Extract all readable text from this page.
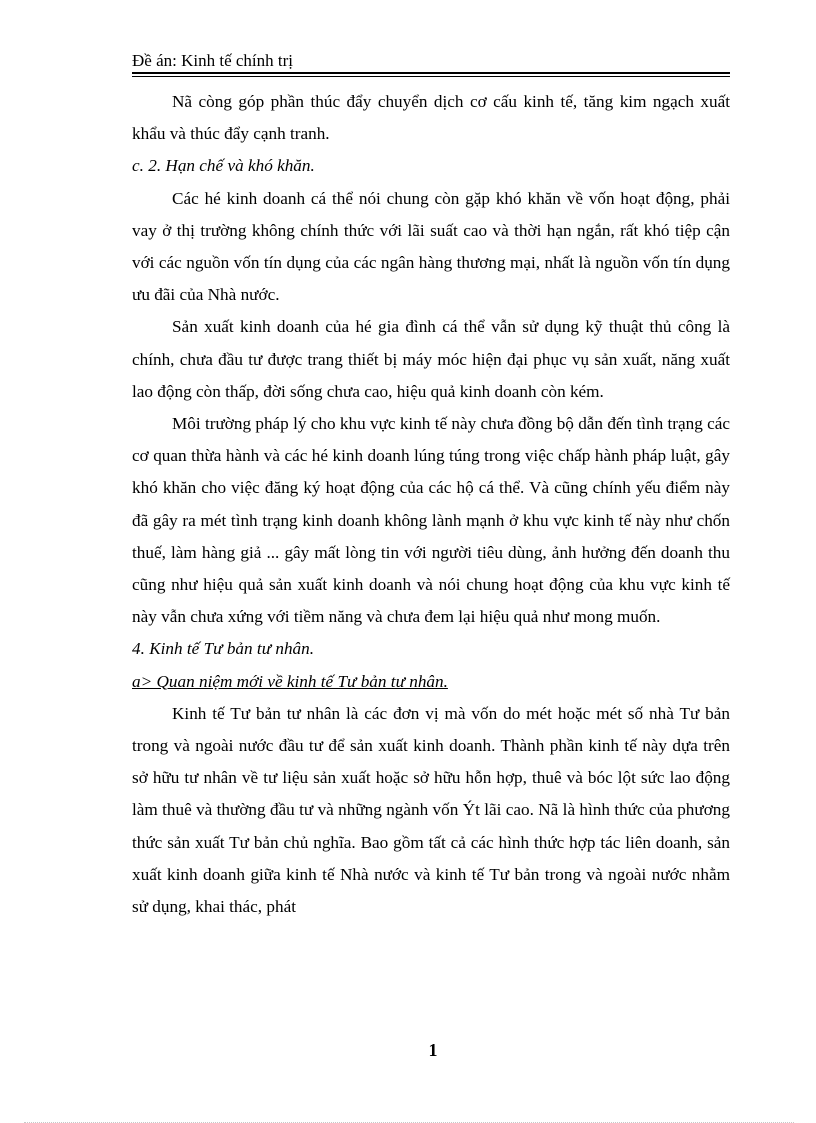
Đề án: Kinh tế chính trị

Nã còng góp phần thúc đẩy chuyển dịch cơ cấu kinh tế, tăng kim ngạch xuất khẩu và thúc đẩy cạnh tranh.

c. 2. Hạn chế và khó khăn.

Các hé kinh doanh cá thể nói chung còn gặp khó khăn về vốn hoạt động, phải vay ở thị trường không chính thức với lãi suất cao và thời hạn ngắn, rất khó tiệp cận với các nguồn vốn tín dụng của các ngân hàng thương mại, nhất là nguồn vốn tín dụng ưu đãi của Nhà nước.

Sản xuất kinh doanh của hé gia đình cá thể vẫn sử dụng kỹ thuật thủ công là chính, chưa đầu tư được trang thiết bị máy móc hiện đại phục vụ sản xuất, năng xuất lao động còn thấp, đời sống chưa cao, hiệu quả kinh doanh còn kém.

Môi trường pháp lý cho khu vực kinh tế này chưa đồng bộ dẫn đến tình trạng các cơ quan thừa hành và các hé kinh doanh lúng túng trong việc chấp hành pháp luật, gây khó khăn cho việc đăng ký hoạt động của các hộ cá thể. Và cũng chính yếu điểm này đã gây ra mét tình trạng kinh doanh không lành mạnh ở khu vực kinh tế này như chốn thuế, làm hàng giả ... gây mất lòng tin với người tiêu dùng, ảnh hưởng đến doanh thu cũng như hiệu quả sản xuất kinh doanh và nói chung hoạt động của khu vực kinh tế này vẫn chưa xứng với tiềm năng và chưa đem lại hiệu quả như mong muốn.

4. Kinh tế Tư bản tư nhân.
a> Quan niệm mới về kinh tế Tư bản tư nhân.

Kinh tế Tư bản tư nhân là các đơn vị mà vốn do mét hoặc mét số nhà Tư bản trong và ngoài nước đầu tư để sản xuất kinh doanh. Thành phần kinh tế này dựa trên sở hữu tư nhân về tư liệu sản xuất hoặc sở hữu hỗn hợp, thuê và bóc lột sức lao động làm thuê và thường đầu tư và những ngành vốn Ýt lãi cao. Nã là hình thức của phương thức sản xuất Tư bản chủ nghĩa. Bao gồm tất cả các hình thức hợp tác liên doanh, sản xuất kinh doanh giữa kinh tế Nhà nước và kinh tế Tư bản trong và ngoài nước nhằm sử dụng, khai thác, phát

1
